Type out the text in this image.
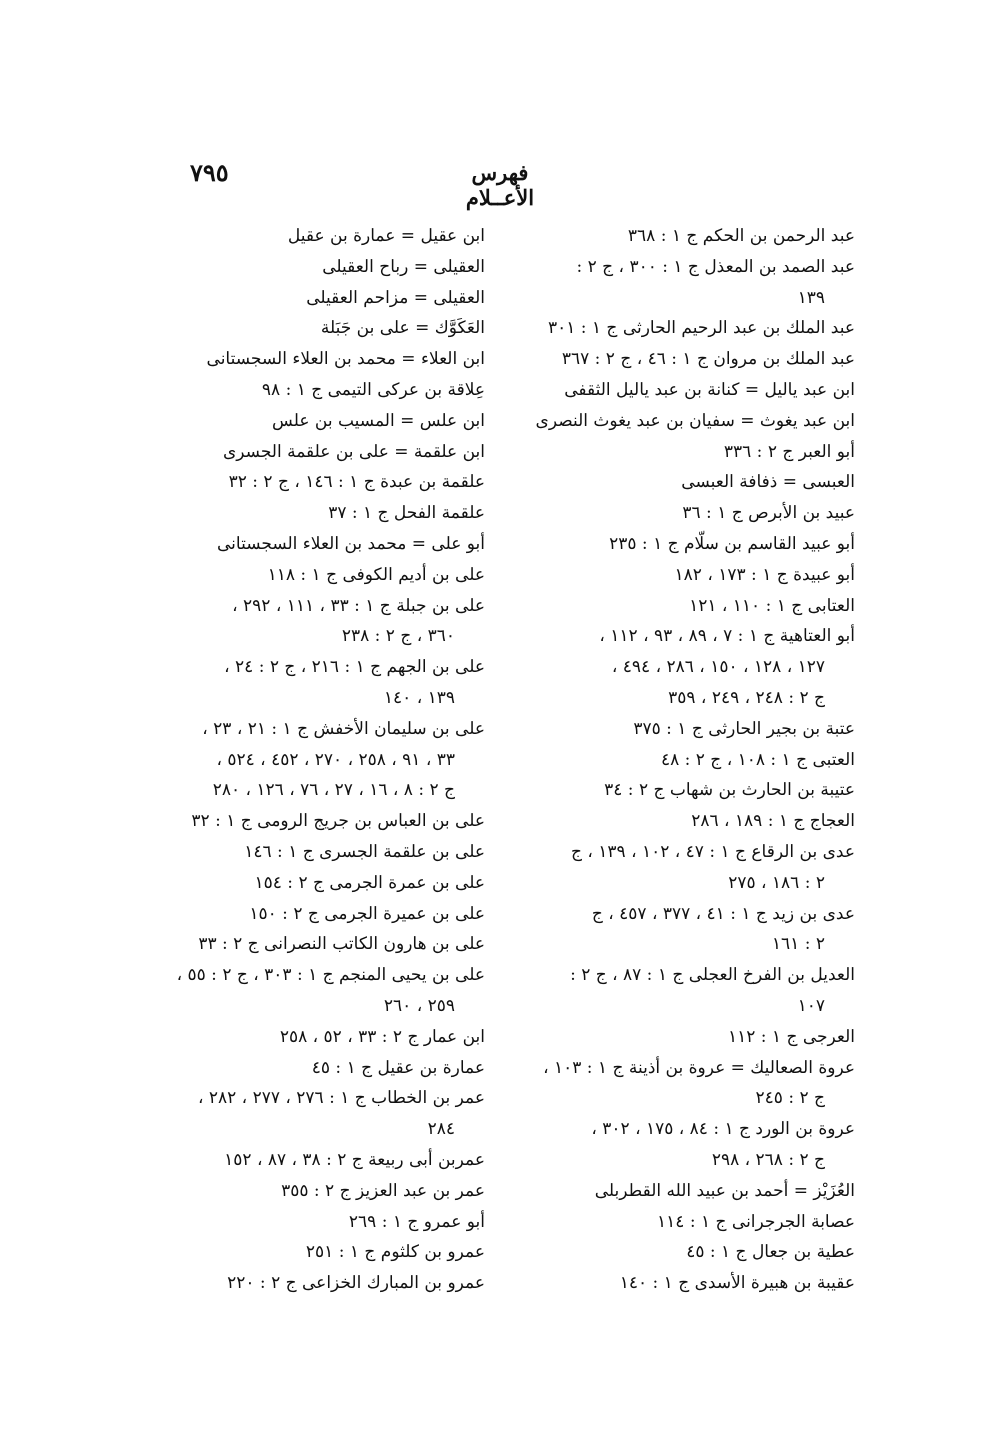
٧٩٥	فهرس الأعــلام
عبد الرحمن بن الحكم ج ١ : ٣٦٨
عبد الصمد بن المعذل ج ١ : ٣٠٠ ، ج ٢ :
١٣٩
عبد الملك بن عبد الرحيم الحارثى ج ١ : ٣٠١
عبد الملك بن مروان ج ١ : ٤٦ ، ج ٢ : ٣٦٧
ابن عبد ياليل = كنانة بن عبد ياليل الثقفى
ابن عبد يغوث = سفيان بن عبد يغوث النصرى
أبو العبر ج ٢ : ٣٣٦
العبسى = ذفافة العبسى
عبيد بن الأبرص ج ١ : ٣٦
أبو عبيد القاسم بن سلّام ج ١ : ٢٣٥
أبو عبيدة ج ١ : ١٧٣ ، ١٨٢
العتابى ج ١ : ١١٠ ، ١٢١
أبو العتاهية ج ١ : ٧ ، ٨٩ ، ٩٣ ، ١١٢ ،
١٢٧ ، ١٢٨ ، ١٥٠ ، ٢٨٦ ، ٤٩٤ ،
ج ٢ : ٢٤٨ ، ٢٤٩ ، ٣٥٩
عتبة بن بجير الحارثى ج ١ : ٣٧٥
العتبى ج ١ : ١٠٨ ، ج ٢ : ٤٨
عتيبة بن الحارث بن شهاب ج ٢ : ٣٤
العجاج ج ١ : ١٨٩ ، ٢٨٦
عدى بن الرقاع ج ١ : ٤٧ ، ١٠٢ ، ١٣٩ ، ج
٢ : ١٨٦ ، ٢٧٥
عدى بن زيد ج ١ : ٤١ ، ٣٧٧ ، ٤٥٧ ، ج
٢ : ١٦١
العديل بن الفرخ العجلى ج ١ : ٨٧ ، ج ٢ :
١٠٧
العرجى ج ١ : ١١٢
عروة الصعاليك = عروة بن أذينة ج ١ : ١٠٣ ،
ج ٢ : ٢٤٥
عروة بن الورد ج ١ : ٨٤ ، ١٧٥ ، ٣٠٢ ،
ج ٢ : ٢٦٨ ، ٢٩٨
العُزَيْز = أحمد بن عبيد الله القطربلى
عصابة الجرجرانى ج ١ : ١١٤
عطية بن جعال ج ١ : ٤٥
عقيبة بن هبيرة الأسدى ج ١ : ١٤٠
ابن عقيل = عمارة بن عقيل
العقيلى = رباح العقيلى
العقيلى = مزاحم العقيلى
العَكَوَّك = على بن جَبَلة
ابن العلاء = محمد بن العلاء السجستانى
عِلاقة بن عركى التيمى ج ١ : ٩٨
ابن علس = المسيب بن علس
ابن علقمة = على بن علقمة الجسرى
علقمة بن عبدة ج ١ : ١٤٦ ، ج ٢ : ٣٢
علقمة الفحل ج ١ : ٣٧
أبو على = محمد بن العلاء السجستانى
على بن أديم الكوفى ج ١ : ١١٨
على بن جبلة ج ١ : ٣٣ ، ١١١ ، ٢٩٢ ،
٣٦٠ ، ج ٢ : ٢٣٨
على بن الجهم ج ١ : ٢١٦ ، ج ٢ : ٢٤ ،
١٣٩ ، ١٤٠
على بن سليمان الأخفش ج ١ : ٢١ ، ٢٣ ،
٣٣ ، ٩١ ، ٢٥٨ ، ٢٧٠ ، ٤٥٢ ، ٥٢٤ ،
ج ٢ : ٨ ، ١٦ ، ٢٧ ، ٧٦ ، ١٢٦ ، ٢٨٠
على بن العباس بن جريج الرومى ج ١ : ٣٢
على بن علقمة الجسرى ج ١ : ١٤٦
على بن عمرة الجرمى ج ٢ : ١٥٤
على بن عميرة الجرمى ج ٢ : ١٥٠
على بن هارون الكاتب النصرانى ج ٢ : ٣٣
على بن يحيى المنجم ج ١ : ٣٠٣ ، ج ٢ : ٥٥ ،
٢٥٩ ، ٢٦٠
ابن عمار ج ٢ : ٣٣ ، ٥٢ ، ٢٥٨
عمارة بن عقيل ج ١ : ٤٥
عمر بن الخطاب ج ١ : ٢٧٦ ، ٢٧٧ ، ٢٨٢ ،
٢٨٤
عمربن أبى ربيعة ج ٢ : ٣٨ ، ٨٧ ، ١٥٢
عمر بن عبد العزيز ج ٢ : ٣٥٥
أبو عمرو ج ١ : ٢٦٩
عمرو بن كلثوم ج ١ : ٢٥١
عمرو بن المبارك الخزاعى ج ٢ : ٢٢٠
